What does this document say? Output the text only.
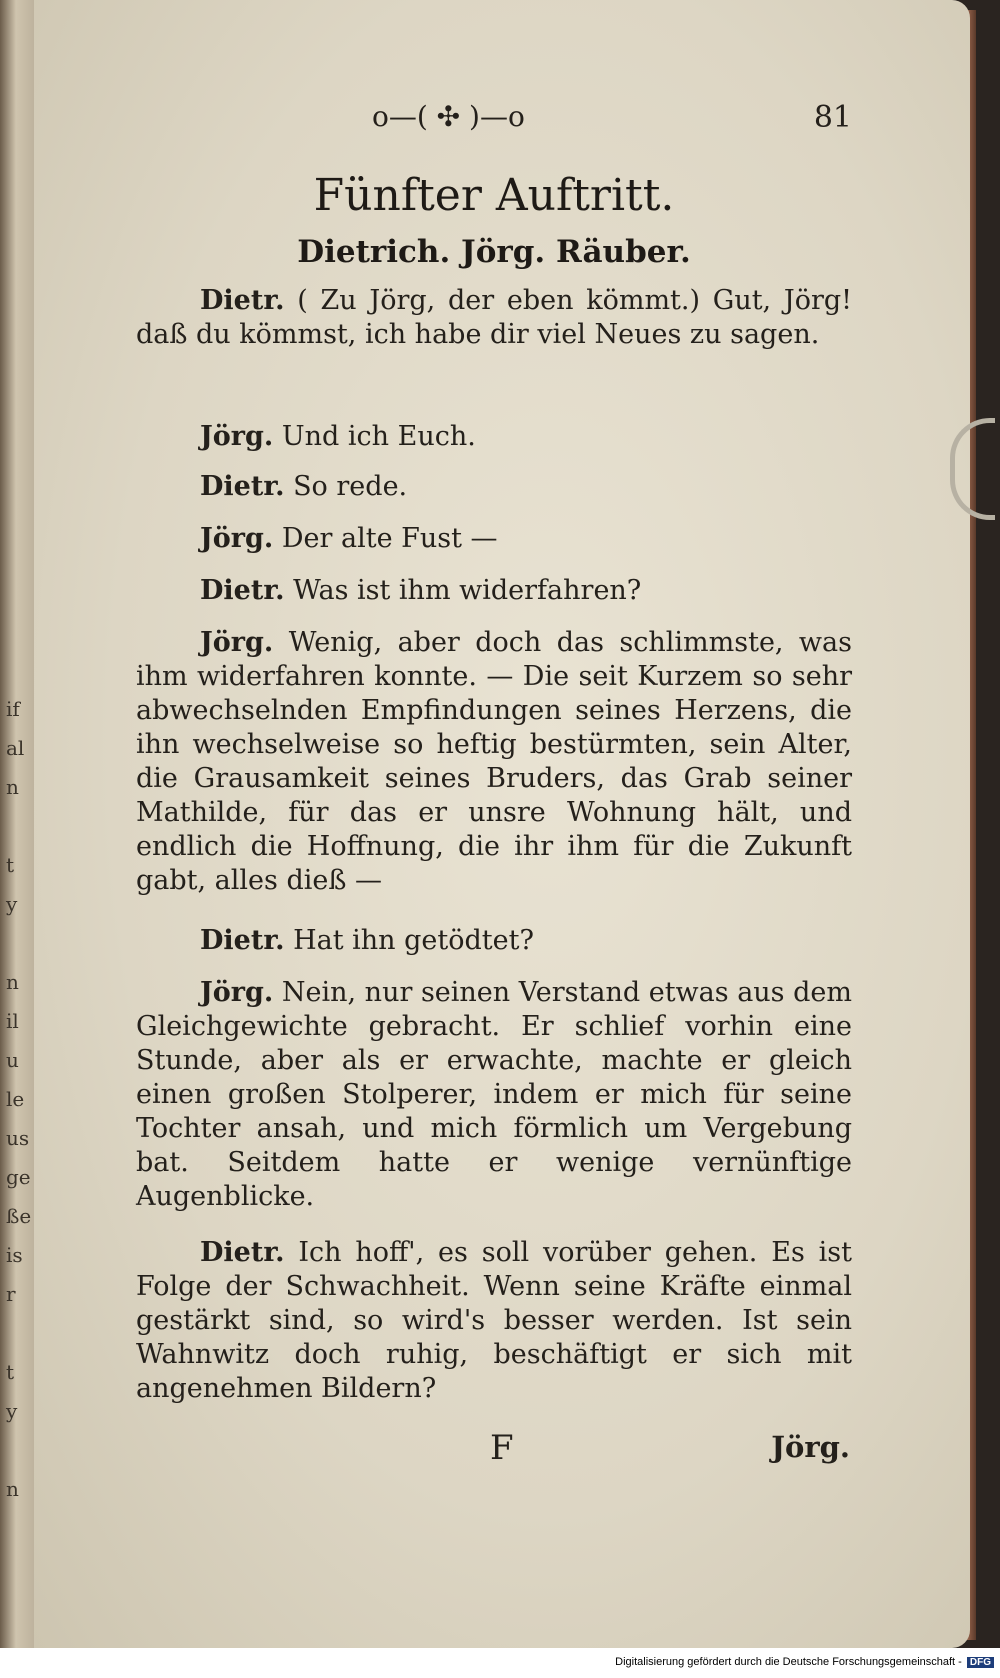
if
al
n

t
y

n
il
u
le
us
ge
ße
is
r

t
y

n
o—( ✣ )—o	81
Fünfter Auftritt.
Dietrich. Jörg. Räuber.
Dietr. ( Zu Jörg, der eben kömmt.) Gut, Jörg! daß du kömmst, ich habe dir viel Neues zu sagen.
Jörg. Und ich Euch.
Dietr. So rede.
Jörg. Der alte Fust —
Dietr. Was ist ihm widerfahren?
Jörg. Wenig, aber doch das schlimmste, was ihm widerfahren konnte. — Die seit Kurzem so sehr abwechselnden Empfindungen seines Herzens, die ihn wechselweise so heftig bestürmten, sein Alter, die Grausamkeit seines Bruders, das Grab seiner Mathilde, für das er unsre Wohnung hält, und endlich die Hoffnung, die ihr ihm für die Zukunft gabt, alles dieß —
Dietr. Hat ihn getödtet?
Jörg. Nein, nur seinen Verstand etwas aus dem Gleichgewichte gebracht. Er schlief vorhin eine Stunde, aber als er erwachte, machte er gleich einen großen Stolperer, indem er mich für seine Tochter ansah, und mich förmlich um Vergebung bat. Seitdem hatte er wenige vernünftige Augenblicke.
Dietr. Ich hoff', es soll vorüber gehen. Es ist Folge der Schwachheit. Wenn seine Kräfte einmal gestärkt sind, so wird's besser werden. Ist sein Wahnwitz doch ruhig, beschäftigt er sich mit angenehmen Bildern?
F	Jörg.
Digitalisierung gefördert durch die Deutsche Forschungsgemeinschaft - DFG
